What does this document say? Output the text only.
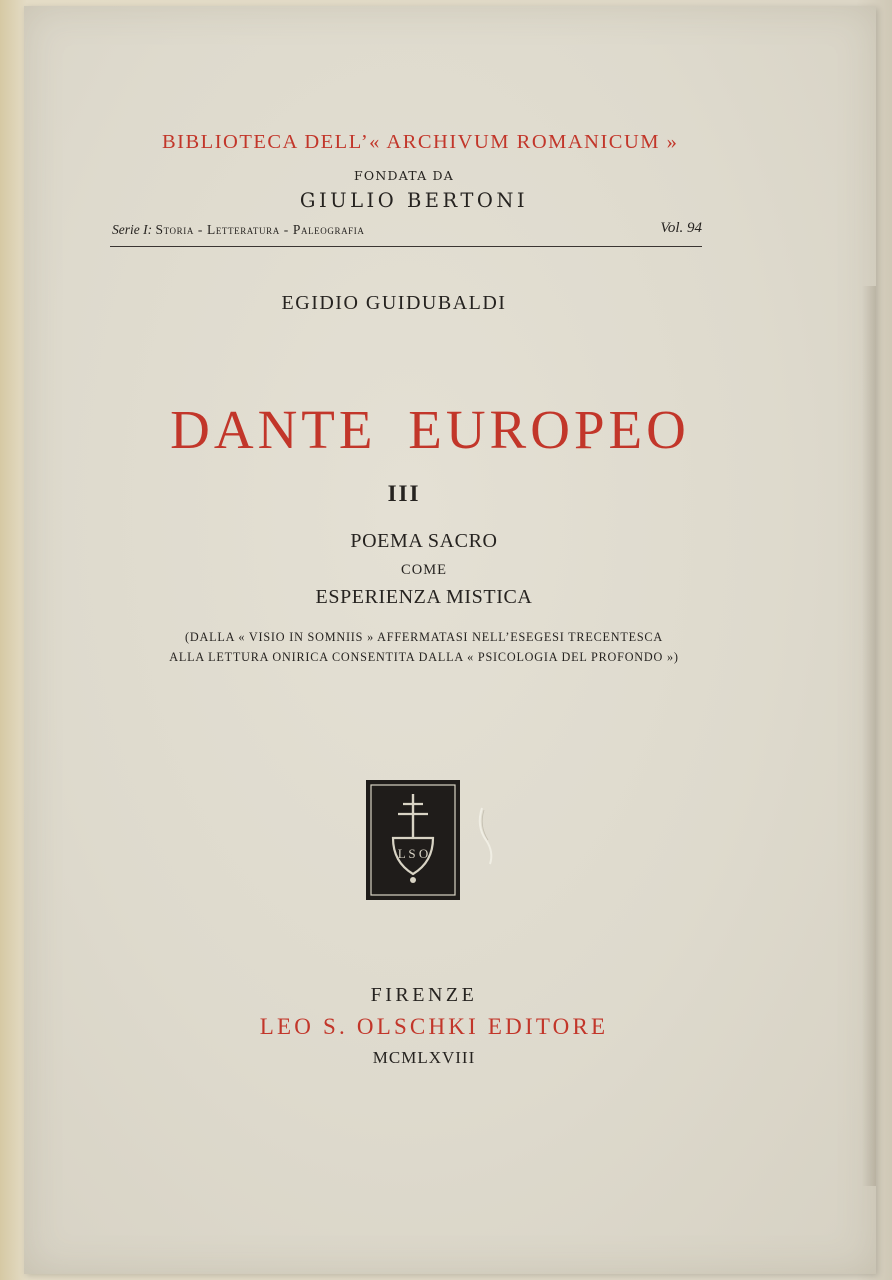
BIBLIOTECA DELL’« ARCHIVUM ROMANICUM »
FONDATA DA
GIULIO BERTONI
Serie I: Storia - Letteratura - Paleografia	Vol. 94
EGIDIO GUIDUBALDI
DANTE EUROPEO
III
POEMA SACRO
COME
ESPERIENZA MISTICA
(DALLA « VISIO IN SOMNIIS » AFFERMATASI NELL’ESEGESI TRECENTESCA
ALLA LETTURA ONIRICA CONSENTITA DALLA « PSICOLOGIA DEL PROFONDO »)
L S O
FIRENZE
LEO S. OLSCHKI EDITORE
MCMLXVIII
